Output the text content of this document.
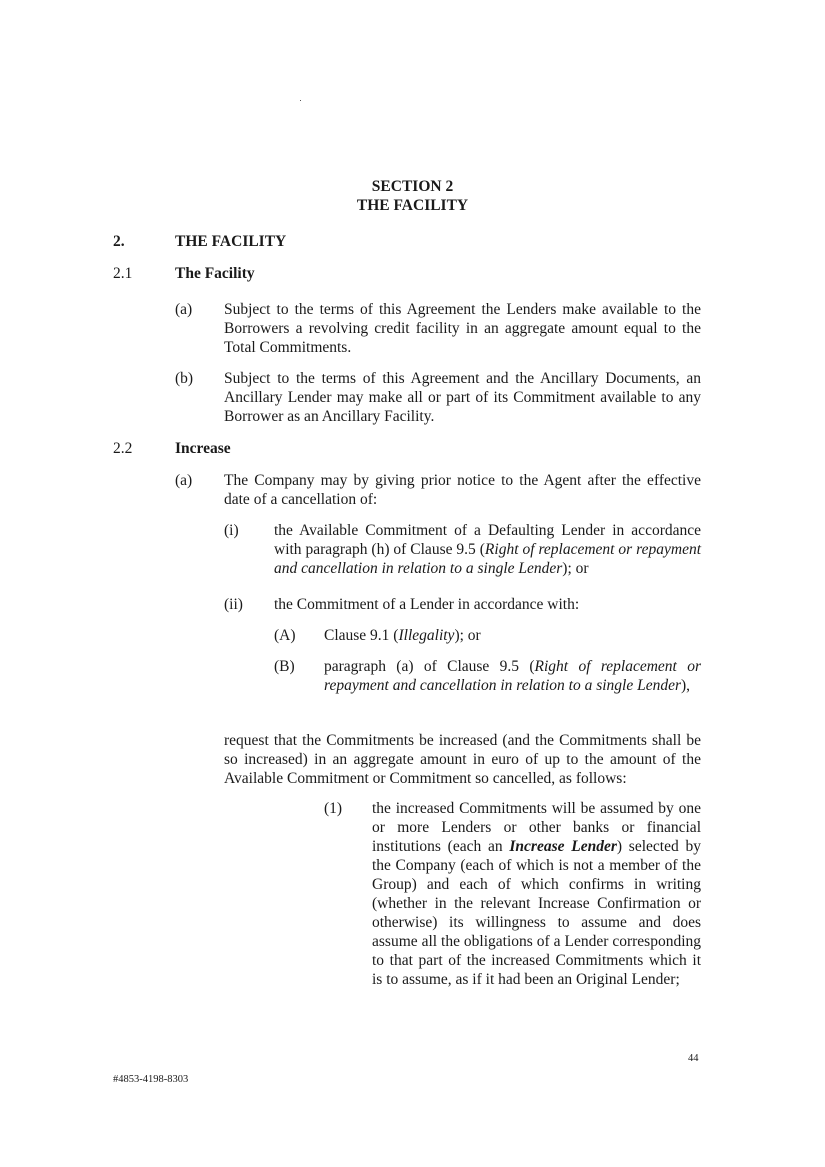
SECTION 2
THE FACILITY
2.	THE FACILITY
2.1	The Facility
(a) Subject to the terms of this Agreement the Lenders make available to the Borrowers a revolving credit facility in an aggregate amount equal to the Total Commitments.
(b) Subject to the terms of this Agreement and the Ancillary Documents, an Ancillary Lender may make all or part of its Commitment available to any Borrower as an Ancillary Facility.
2.2	Increase
(a) The Company may by giving prior notice to the Agent after the effective date of a cancellation of:
(i) the Available Commitment of a Defaulting Lender in accordance with paragraph (h) of Clause 9.5 (Right of replacement or repayment and cancellation in relation to a single Lender); or
(ii) the Commitment of a Lender in accordance with:
(A) Clause 9.1 (Illegality); or
(B) paragraph (a) of Clause 9.5 (Right of replacement or repayment and cancellation in relation to a single Lender),
request that the Commitments be increased (and the Commitments shall be so increased) in an aggregate amount in euro of up to the amount of the Available Commitment or Commitment so cancelled, as follows:
(1) the increased Commitments will be assumed by one or more Lenders or other banks or financial institutions (each an Increase Lender) selected by the Company (each of which is not a member of the Group) and each of which confirms in writing (whether in the relevant Increase Confirmation or otherwise) its willingness to assume and does assume all the obligations of a Lender corresponding to that part of the increased Commitments which it is to assume, as if it had been an Original Lender;
44
#4853-4198-8303
